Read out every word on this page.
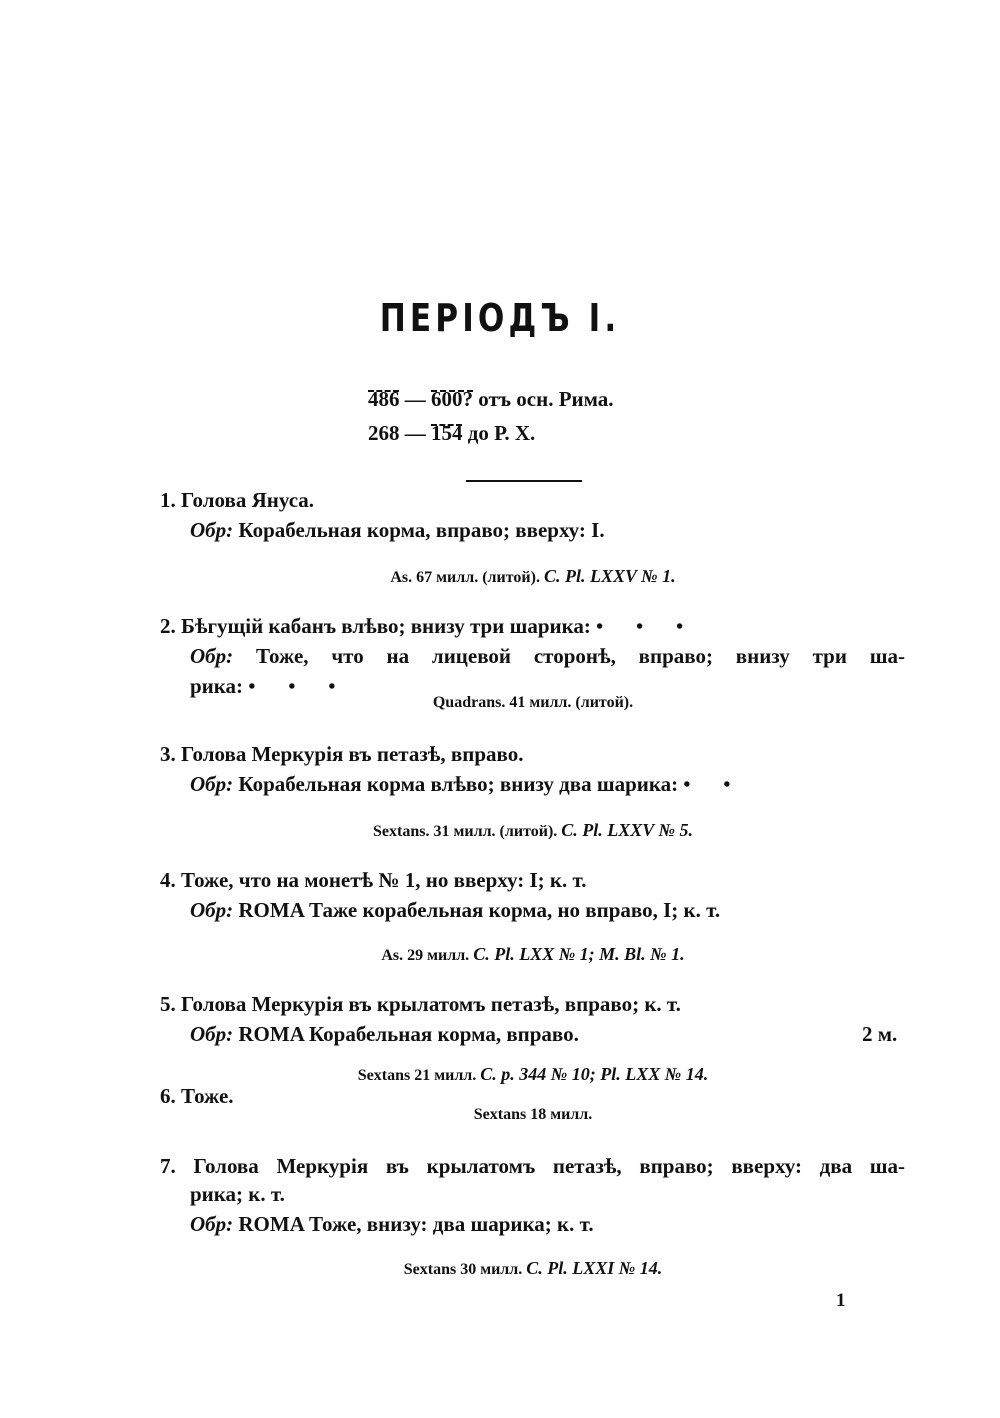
ПЕРІОДЪ I.
486 — 600? отъ осн. Рима.
268 — 154 до Р. X.
1. Голова Януса.
Обр: Корабельная корма, вправо; вверху: I.
As. 67 милл. (литой). C. Pl. LXXV № 1.
2. Бѣгущій кабанъ влѣво; внизу три шарика: • • •
Обр: Тоже, что на лицевой сторонѣ, вправо; внизу три ша-
рика: • • •
Quadrans. 41 милл. (литой).
3. Голова Меркурія въ петазѣ, вправо.
Обр: Корабельная корма влѣво; внизу два шарика: • •
Sextans. 31 милл. (литой). C. Pl. LXXV № 5.
4. Тоже, что на монетѣ № 1, но вверху: I; к. т.
Обр: ROMA Таже корабельная корма, но вправо, I; к. т.
As. 29 милл. C. Pl. LXX № 1; M. Bl. № 1.
5. Голова Меркурія въ крылатомъ петазѣ, вправо; к. т.
Обр: ROMA Корабельная корма, вправо.	2 м.
Sextans 21 милл. C. p. 344 № 10; Pl. LXX № 14.
6. Тоже.
Sextans 18 милл.
7. Голова Меркурія въ крылатомъ петазѣ, вправо; вверху: два ша-
рика; к. т.
Обр: ROMA Тоже, внизу: два шарика; к. т.
Sextans 30 милл. C. Pl. LXXI № 14.
1
